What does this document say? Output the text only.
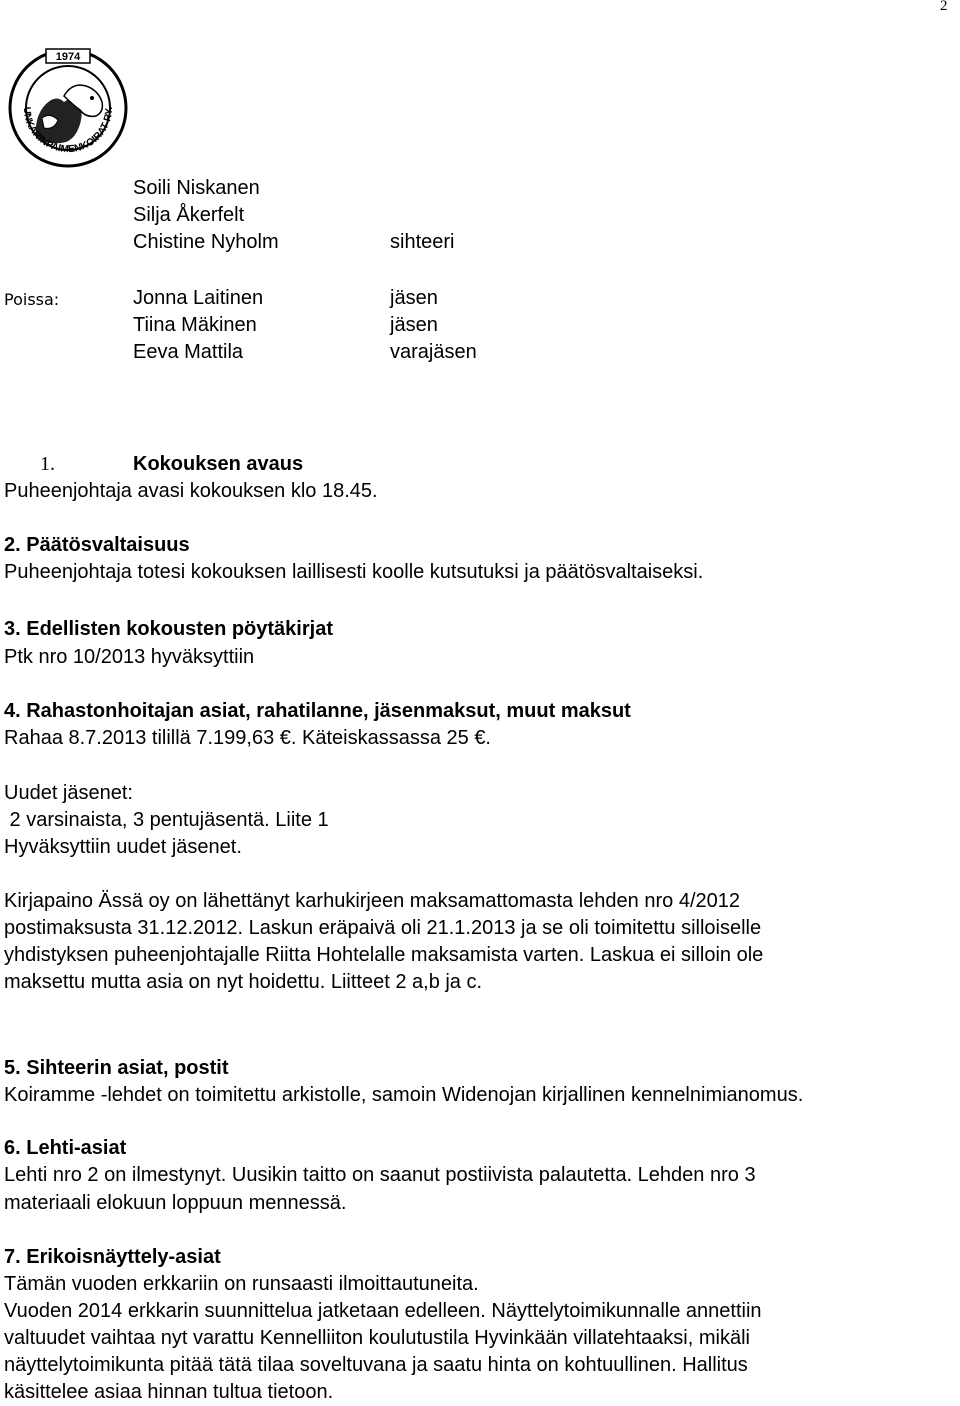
2
1974
UNKARINPAIMENKOIRAT RY.
Soili Niskanen
Silja Åkerfelt
Chistine Nyholm	sihteeri
Poissa:	Jonna Laitinen	jäsen
Tiina Mäkinen	jäsen
Eeva Mattila	varajäsen
1.	Kokouksen avaus
Puheenjohtaja avasi kokouksen klo 18.45.
2. Päätösvaltaisuus
Puheenjohtaja totesi kokouksen laillisesti koolle kutsutuksi ja päätösvaltaiseksi.
3. Edellisten kokousten pöytäkirjat
Ptk nro 10/2013 hyväksyttiin
4. Rahastonhoitajan asiat, rahatilanne, jäsenmaksut, muut maksut
Rahaa 8.7.2013 tilillä 7.199,63 €. Käteiskassassa 25 €.
Uudet jäsenet:
2 varsinaista, 3 pentujäsentä. Liite 1
Hyväksyttiin uudet jäsenet.
Kirjapaino Ässä oy on lähettänyt karhukirjeen maksamattomasta lehden nro 4/2012
postimaksusta 31.12.2012. Laskun eräpaivä oli 21.1.2013 ja se oli toimitettu silloiselle
yhdistyksen puheenjohtajalle Riitta Hohtelalle maksamista varten. Laskua ei silloin ole
maksettu mutta asia on nyt hoidettu. Liitteet 2 a,b ja c.
5. Sihteerin asiat, postit
Koiramme -lehdet on toimitettu arkistolle, samoin Widenojan kirjallinen kennelnimianomus.
6. Lehti-asiat
Lehti nro 2 on ilmestynyt. Uusikin taitto on saanut postiivista palautetta. Lehden nro 3
materiaali elokuun loppuun mennessä.
7. Erikoisnäyttely-asiat
Tämän vuoden erkkariin on runsaasti ilmoittautuneita.
Vuoden 2014 erkkarin suunnittelua jatketaan edelleen. Näyttelytoimikunnalle annettiin
valtuudet vaihtaa nyt varattu Kennelliiton koulutustila Hyvinkään villatehtaaksi, mikäli
näyttelytoimikunta pitää tätä tilaa soveltuvana ja saatu hinta on kohtuullinen. Hallitus
käsittelee asiaa hinnan tultua tietoon.
